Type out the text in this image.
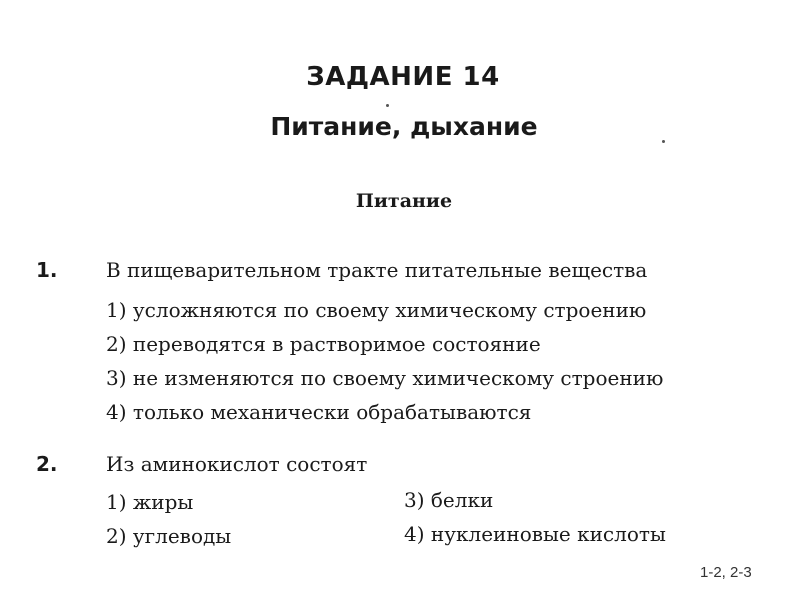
ЗАДАНИЕ 14
Питание, дыхание
Питание
1. В пищеварительном тракте питательные вещества
1) усложняются по своему химическому строению
2) переводятся в растворимое состояние
3) не изменяются по своему химическому строению
4) только механически обрабатываются
2. Из аминокислот состоят
1) жиры
2) углеводы
3) белки
4) нуклеиновые кислоты
1-2, 2-3
